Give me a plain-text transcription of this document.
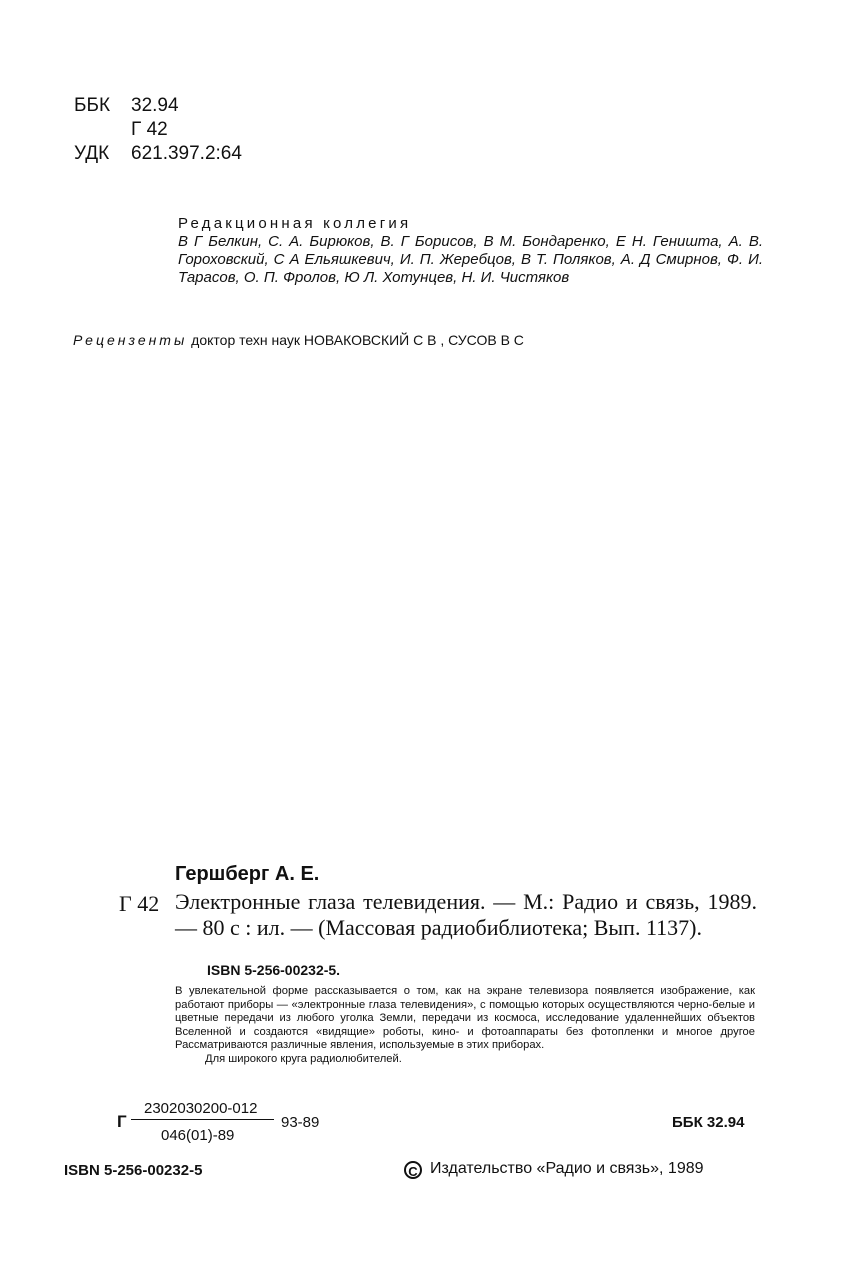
ББК 32.94
Г 42
УДК 621.397.2:64
Редакционная коллегия
В Г Белкин, С. А. Бирюков, В. Г Борисов, В М. Бондаренко, Е Н. Геништа, А. В. Гороховский, С А Ельяшкевич, И. П. Жеребцов, В Т. Поляков, А. Д Смирнов, Ф. И. Тарасов, О. П. Фролов, Ю Л. Хотунцев, Н. И. Чистяков
Рецензенты доктор техн наук НОВАКОВСКИЙ С В , СУСОВ В С
Гершберг А. Е.
Г 42 Электронные глаза телевидения. — М.: Радио и связь, 1989. — 80 с : ил. — (Массовая радиобиблиотека; Вып. 1137).
ISBN 5-256-00232-5.
В увлекательной форме рассказывается о том, как на экране телевизора появляется изображение, как работают приборы — «электронные глаза телевидения», с помощью которых осуществляются черно-белые и цветные передачи из любого уголка Земли, передачи из космоса, исследование удаленнейших объектов Вселенной и создаются «видящие» роботы, кино- и фотоаппараты без фотопленки и многое другое Рассматриваются различные явления, используемые в этих приборах.
Для широкого круга радиолюбителей.
Г
2302030200-012
046(01)-89
93-89	ББК 32.94
ISBN 5-256-00232-5	C Издательство «Радио и связь», 1989
